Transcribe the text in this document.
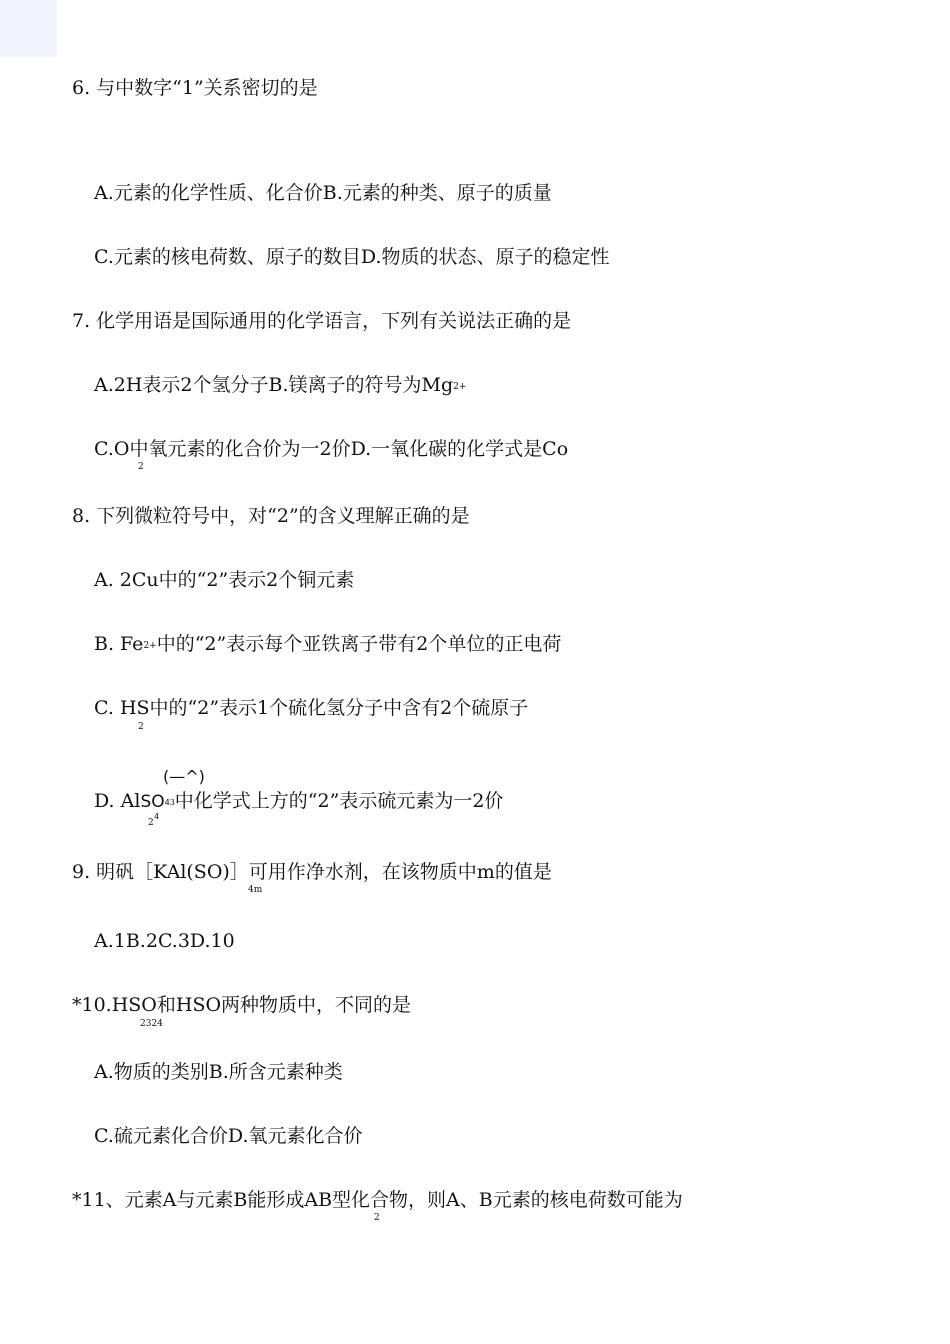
6. 与中数字“1”关系密切的是
A.元素的化学性质、化合价B.元素的种类、原子的质量
C.元素的核电荷数、原子的数目D.物质的状态、原子的稳定性
7. 化学用语是国际通用的化学语言，下列有关说法正确的是
A.2H表示2个氢分子B.镁离子的符号为Mg2+
C.O中氧元素的化合价为一2价D.一氧化碳的化学式是Co
2
8. 下列微粒符号中，对“2”的含义理解正确的是
A. 2Cu中的“2”表示2个铜元素
B. Fe2+中的“2”表示每个亚铁离子带有2个单位的正电荷
C. HS中的“2”表示1个硫化氢分子中含有2个硫原子
2
(—^)
D. AlSO43中化学式上方的“2”表示硫元素为一2价
2
4
9. 明矾［KAl(SO)］可用作净水剂，在该物质中m的值是
4m
A.1B.2C.3D.10
*10.HSO和HSO两种物质中，不同的是
2324
A.物质的类别B.所含元素种类
C.硫元素化合价D.氧元素化合价
*11、元素A与元素B能形成AB型化合物，则A、B元素的核电荷数可能为
2
